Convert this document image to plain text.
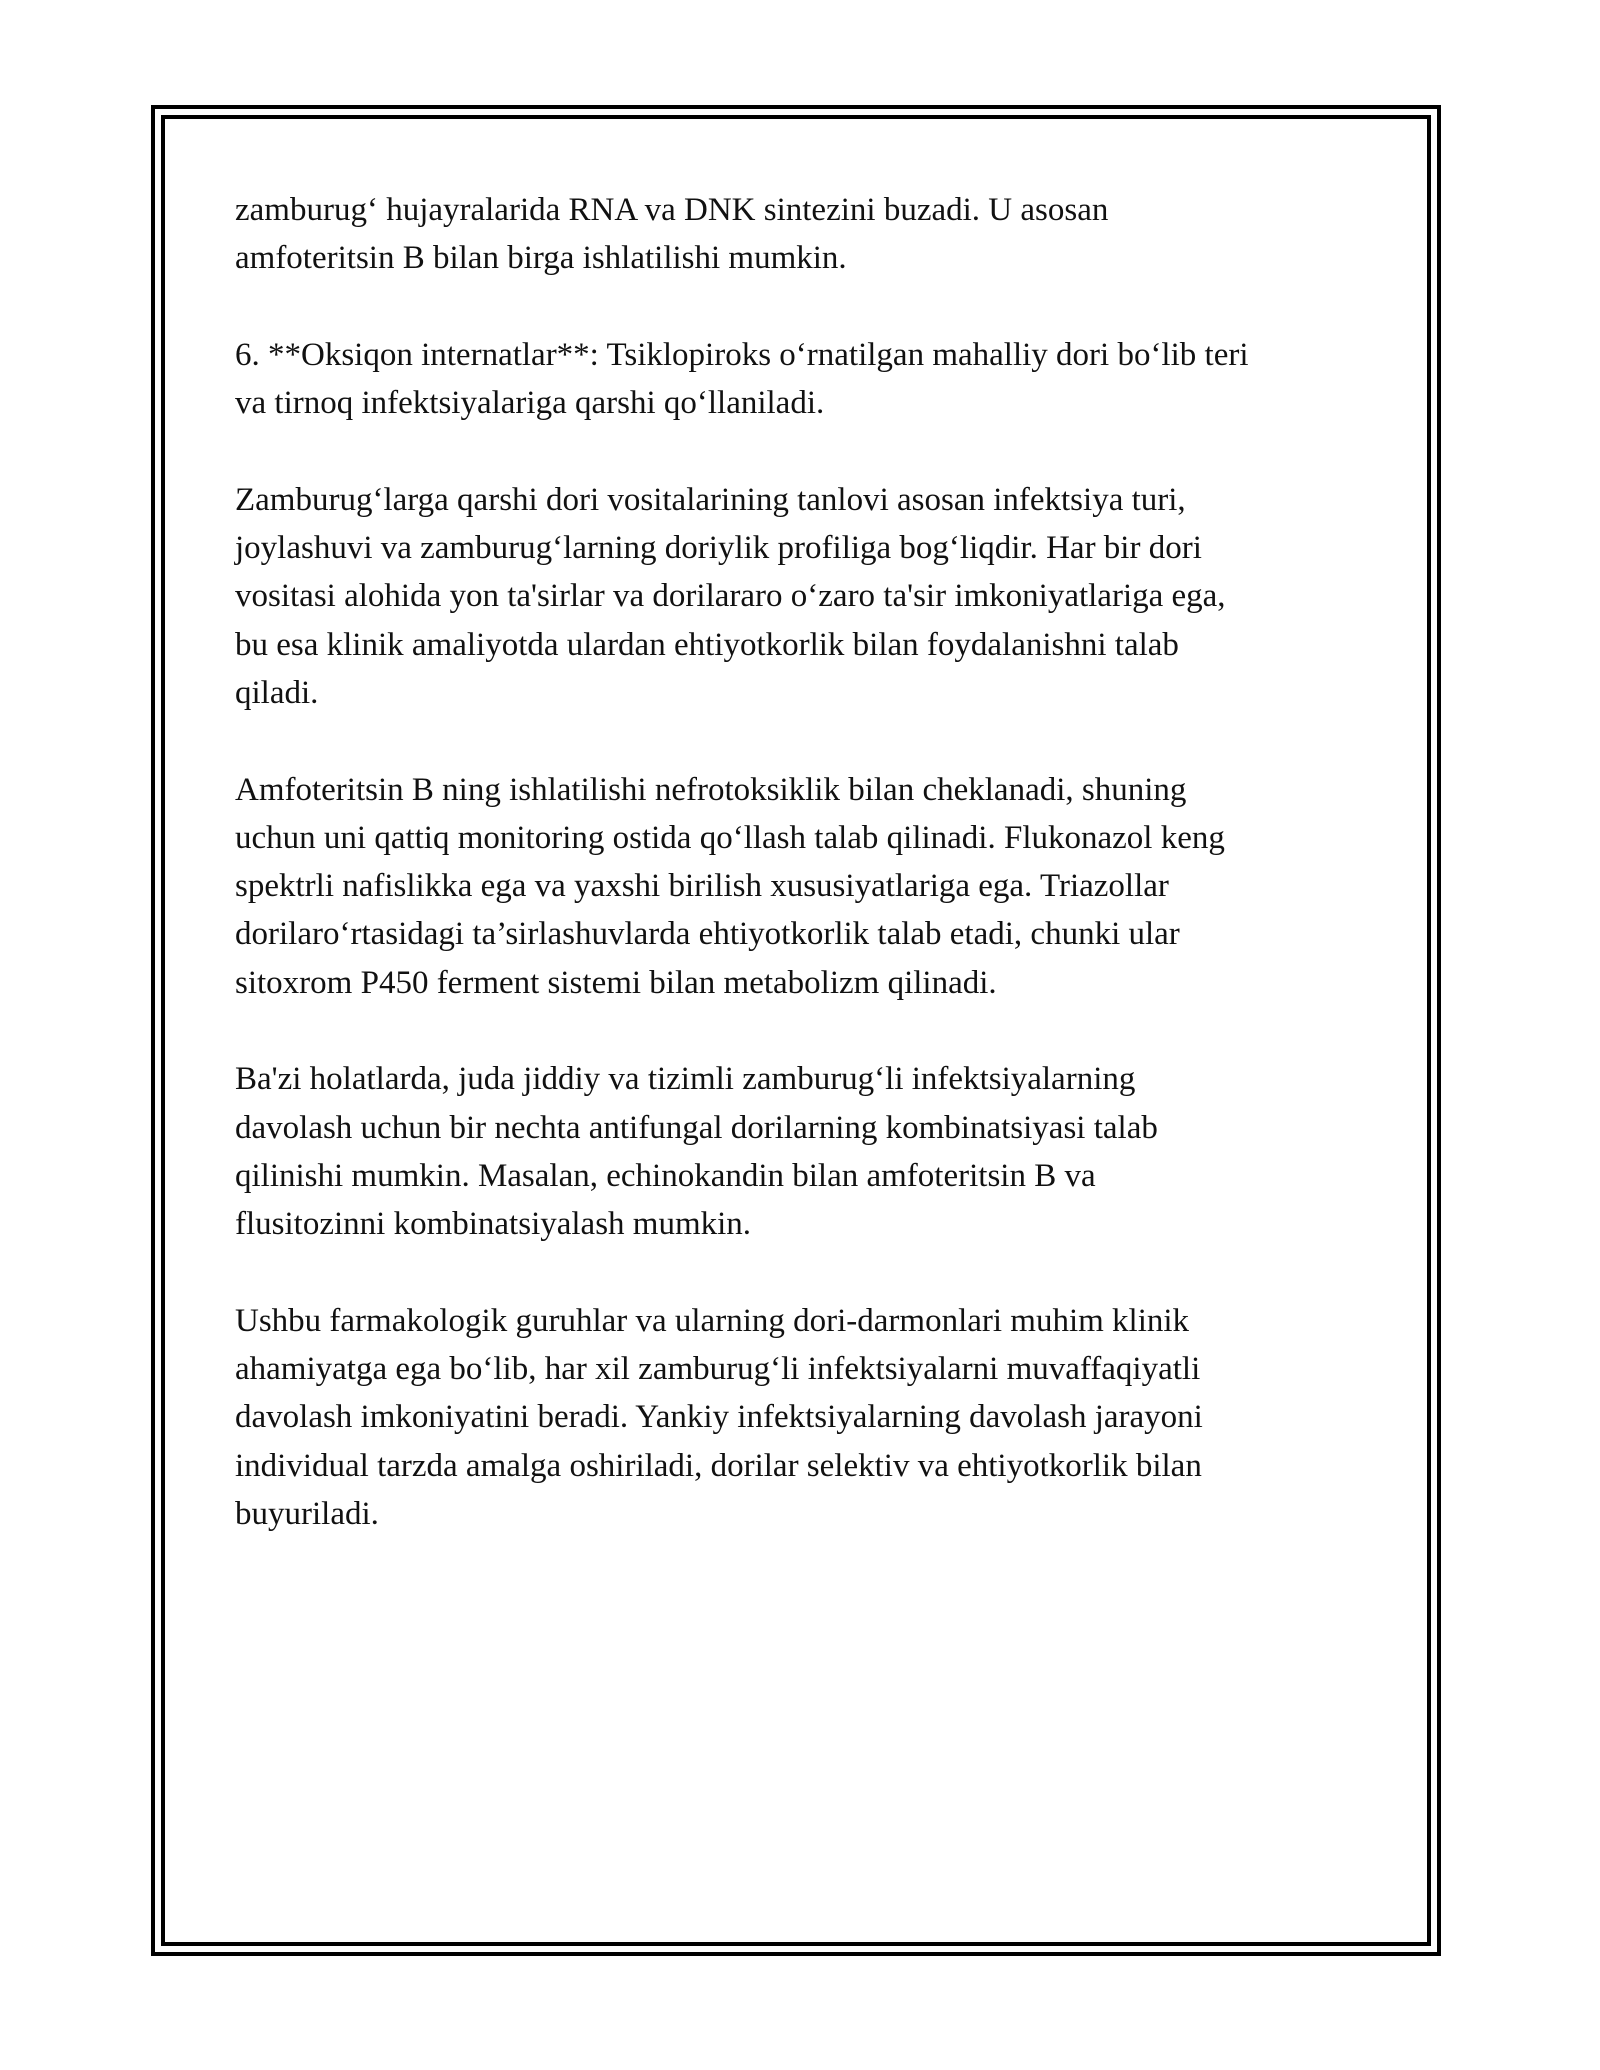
zamburug‘ hujayralarida RNA va DNK sintezini buzadi. U asosan
amfoteritsin B bilan birga ishlatilishi mumkin.

6. **Oksiqon internatlar**: Tsiklopiroks o‘rnatilgan mahalliy dori bo‘lib teri
va tirnoq infektsiyalariga qarshi qo‘llaniladi.

Zamburug‘larga qarshi dori vositalarining tanlovi asosan infektsiya turi,
joylashuvi va zamburug‘larning doriylik profiliga bog‘liqdir. Har bir dori
vositasi alohida yon ta'sirlar va dorilararo o‘zaro ta'sir imkoniyatlariga ega,
bu esa klinik amaliyotda ulardan ehtiyotkorlik bilan foydalanishni talab
qiladi.

Amfoteritsin B ning ishlatilishi nefrotoksiklik bilan cheklanadi, shuning
uchun uni qattiq monitoring ostida qo‘llash talab qilinadi. Flukonazol keng
spektrli nafislikka ega va yaxshi birilish xususiyatlariga ega. Triazollar
dorilaro‘rtasidagi ta’sirlashuvlarda ehtiyotkorlik talab etadi, chunki ular
sitoxrom P450 ferment sistemi bilan metabolizm qilinadi.

Ba'zi holatlarda, juda jiddiy va tizimli zamburug‘li infektsiyalarning
davolash uchun bir nechta antifungal dorilarning kombinatsiyasi talab
qilinishi mumkin. Masalan, echinokandin bilan amfoteritsin B va
flusitozinni kombinatsiyalash mumkin.

Ushbu farmakologik guruhlar va ularning dori-darmonlari muhim klinik
ahamiyatga ega bo‘lib, har xil zamburug‘li infektsiyalarni muvaffaqiyatli
davolash imkoniyatini beradi. Yankiy infektsiyalarning davolash jarayoni
individual tarzda amalga oshiriladi, dorilar selektiv va ehtiyotkorlik bilan
buyuriladi.
